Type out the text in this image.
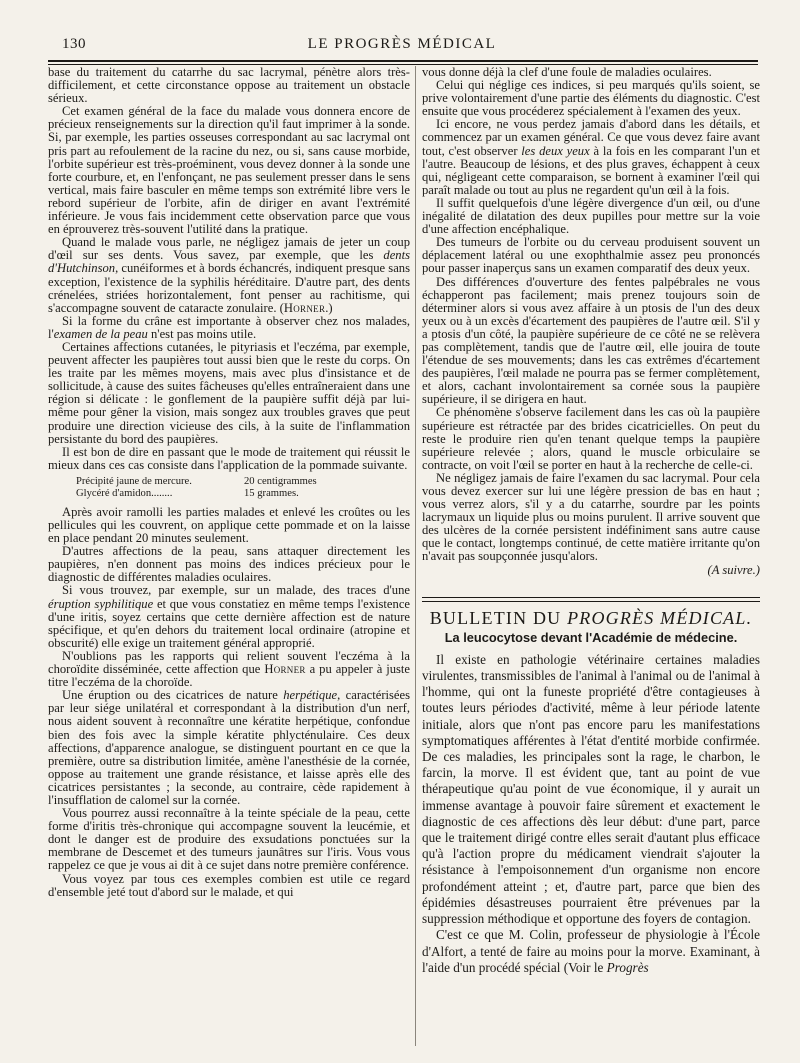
130	LE PROGRÈS MÉDICAL

base du traitement du catarrhe du sac lacrymal, pénètre alors très-difficilement, et cette circonstance oppose au traitement un obstacle sérieux.

Cet examen général de la face du malade vous donnera encore de précieux renseignements sur la direction qu'il faut imprimer à la sonde. Si, par exemple, les parties osseuses correspondant au sac lacrymal ont pris part au refoulement de la racine du nez, ou si, sans cause morbide, l'orbite supérieur est très-proéminent, vous devez donner à la sonde une forte courbure, et, en l'enfonçant, ne pas seulement presser dans le sens vertical, mais faire basculer en même temps son extrémité libre vers le rebord supérieur de l'orbite, afin de diriger en avant l'extrémité inférieure. Je vous fais incidemment cette observation parce que vous en éprouverez très-souvent l'utilité dans la pratique.

Quand le malade vous parle, ne négligez jamais de jeter un coup d'œil sur ses dents. Vous savez, par exemple, que les dents d'Hutchinson, cunéiformes et à bords échancrés, indiquent presque sans exception, l'existence de la syphilis héréditaire. D'autre part, des dents crénelées, striées horizontalement, font penser au rachitisme, qui s'accompagne souvent de cataracte zonulaire. (Horner.)

Si la forme du crâne est importante à observer chez nos malades, l'examen de la peau n'est pas moins utile.

Certaines affections cutanées, le pityriasis et l'eczéma, par exemple, peuvent affecter les paupières tout aussi bien que le reste du corps. On les traite par les mêmes moyens, mais avec plus d'insistance et de sollicitude, à cause des suites fâcheuses qu'elles entraîneraient dans une région si délicate : le gonflement de la paupière suffit déjà par lui-même pour gêner la vision, mais songez aux troubles graves que peut produire une direction vicieuse des cils, à la suite de l'inflammation persistante du bord des paupières.

Il est bon de dire en passant que le mode de traitement qui réussit le mieux dans ces cas consiste dans l'application de la pommade suivante.

Précipité jaune de mercure.	20 centigrammes
Glycéré d'amidon........	15 grammes.

Après avoir ramolli les parties malades et enlevé les croûtes ou les pellicules qui les couvrent, on applique cette pommade et on la laisse en place pendant 20 minutes seulement.

D'autres affections de la peau, sans attaquer directement les paupières, n'en donnent pas moins des indices précieux pour le diagnostic de différentes maladies oculaires.

Si vous trouvez, par exemple, sur un malade, des traces d'une éruption syphilitique et que vous constatiez en même temps l'existence d'une iritis, soyez certains que cette dernière affection est de nature spécifique, et qu'en dehors du traitement local ordinaire (atropine et obscurité) elle exige un traitement général approprié.

N'oublions pas les rapports qui relient souvent l'eczéma à la choroïdite disséminée, cette affection que Horner a pu appeler à juste titre l'eczéma de la choroïde.

Une éruption ou des cicatrices de nature herpétique, caractérisées par leur siége unilatéral et correspondant à la distribution d'un nerf, nous aident souvent à reconnaître une kératite herpétique, confondue bien des fois avec la simple kératite phlycténulaire. Ces deux affections, d'apparence analogue, se distinguent pourtant en ce que la première, outre sa distribution limitée, amène l'anesthésie de la cornée, oppose au traitement une grande résistance, et laisse après elle des cicatrices persistantes ; la seconde, au contraire, cède rapidement à l'insufflation de calomel sur la cornée.

Vous pourrez aussi reconnaître à la teinte spéciale de la peau, cette forme d'iritis très-chronique qui accompagne souvent la leucémie, et dont le danger est de produire des exsudations ponctuées sur la membrane de Descemet et des tumeurs jaunâtres sur l'iris. Vous vous rappelez ce que je vous ai dit à ce sujet dans notre première conférence.

Vous voyez par tous ces exemples combien est utile ce regard d'ensemble jeté tout d'abord sur le malade, et qui

vous donne déjà la clef d'une foule de maladies oculaires.

Celui qui néglige ces indices, si peu marqués qu'ils soient, se prive volontairement d'une partie des éléments du diagnostic. C'est ensuite que vous procéderez spécialement à l'examen des yeux.

Ici encore, ne vous perdez jamais d'abord dans les détails, et commencez par un examen général. Ce que vous devez faire avant tout, c'est observer les deux yeux à la fois en les comparant l'un et l'autre. Beaucoup de lésions, et des plus graves, échappent à ceux qui, négligeant cette comparaison, se bornent à examiner l'œil qui paraît malade ou tout au plus ne regardent qu'un œil à la fois.

Il suffit quelquefois d'une légère divergence d'un œil, ou d'une inégalité de dilatation des deux pupilles pour mettre sur la voie d'une affection encéphalique.

Des tumeurs de l'orbite ou du cerveau produisent souvent un déplacement latéral ou une exophthalmie assez peu prononcés pour passer inaperçus sans un examen comparatif des deux yeux.

Des différences d'ouverture des fentes palpébrales ne vous échapperont pas facilement; mais prenez toujours soin de déterminer alors si vous avez affaire à un ptosis de l'un des deux yeux ou à un excès d'écartement des paupières de l'autre œil. S'il y a ptosis d'un côté, la paupière supérieure de ce côté ne se relèvera pas complètement, tandis que de l'autre œil, elle jouira de toute l'étendue de ses mouvements; dans les cas extrêmes d'écartement des paupières, l'œil malade ne pourra pas se fermer complètement, et alors, cachant involontairement sa cornée sous la paupière supérieure, il se dirigera en haut.

Ce phénomène s'observe facilement dans les cas où la paupière supérieure est rétractée par des brides cicatricielles. On peut du reste le produire rien qu'en tenant quelque temps la paupière supérieure relevée ; alors, quand le muscle orbiculaire se contracte, on voit l'œil se porter en haut à la recherche de celle-ci.

Ne négligez jamais de faire l'examen du sac lacrymal. Pour cela vous devez exercer sur lui une légère pression de bas en haut ; vous verrez alors, s'il y a du catarrhe, sourdre par les points lacrymaux un liquide plus ou moins purulent. Il arrive souvent que des ulcères de la cornée persistent indéfiniment sans autre cause que le contact, longtemps continué, de cette matière irritante qu'on n'avait pas soupçonnée jusqu'alors.

(A suivre.)

BULLETIN DU PROGRÈS MÉDICAL.
La leucocytose devant l'Académie de médecine.

Il existe en pathologie vétérinaire certaines maladies virulentes, transmissibles de l'animal à l'animal ou de l'animal à l'homme, qui ont la funeste propriété d'être contagieuses à toutes leurs périodes d'activité, même à leur période latente initiale, alors que n'ont pas encore paru les manifestations symptomatiques afférentes à l'état d'entité morbide confirmée. De ces maladies, les principales sont la rage, le charbon, le farcin, la morve. Il est évident que, tant au point de vue thérapeutique qu'au point de vue économique, il y aurait un immense avantage à pouvoir faire sûrement et exactement le diagnostic de ces affections dès leur début: d'une part, parce que le traitement dirigé contre elles serait d'autant plus efficace qu'à l'action propre du médicament viendrait s'ajouter la résistance à l'empoisonnement d'un organisme non encore profondément atteint ; et, d'autre part, parce que bien des épidémies désastreuses pourraient être prévenues par la suppression méthodique et opportune des foyers de contagion.

C'est ce que M. Colin, professeur de physiologie à l'École d'Alfort, a tenté de faire au moins pour la morve. Examinant, à l'aide d'un procédé spécial (Voir le Progrès
